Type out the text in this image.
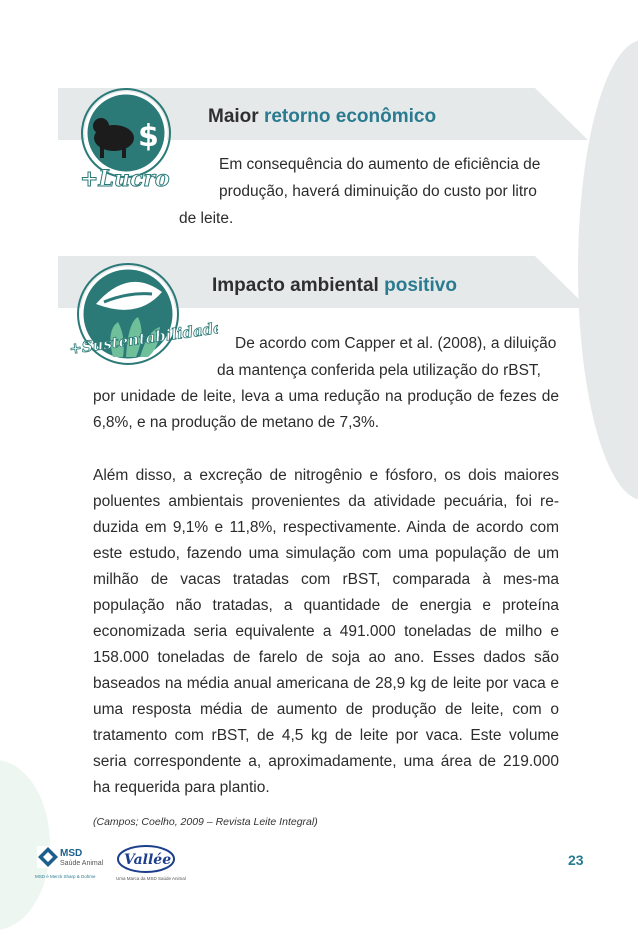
$
+Lucro
Maior retorno econômico
Em consequência do aumento de eficiência de
produção, haverá diminuição do custo por litro
de leite.
+Sustentabilidade
Impacto ambiental positivo
De acordo com Capper et al. (2008), a diluição
da mantença conferida pela utilização do rBST,
por unidade de leite, leva a uma redução na produção de fezes de 6,8%, e na produção de metano de 7,3%.
Além disso, a excreção de nitrogênio e fósforo, os dois maiores poluentes ambientais provenientes da atividade pecuária, foi re-duzida em 9,1% e 11,8%, respectivamente. Ainda de acordo com este estudo, fazendo uma simulação com uma população de um milhão de vacas tratadas com rBST, comparada à mes-ma população não tratadas, a quantidade de energia e proteína economizada seria equivalente a 491.000 toneladas de milho e 158.000 toneladas de farelo de soja ao ano. Esses dados são baseados na média anual americana de 28,9 kg de leite por vaca e uma resposta média de aumento de produção de leite, com o tratamento com rBST, de 4,5 kg de leite por vaca. Este volume seria correspondente a, aproximadamente, uma área de 219.000 ha requerida para plantio.
(Campos; Coelho, 2009 – Revista Leite Integral)
MSD
Saúde Animal
MSD é Merck Sharp & Dohme
Vallée
Uma Marca da MSD Saúde Animal
23
